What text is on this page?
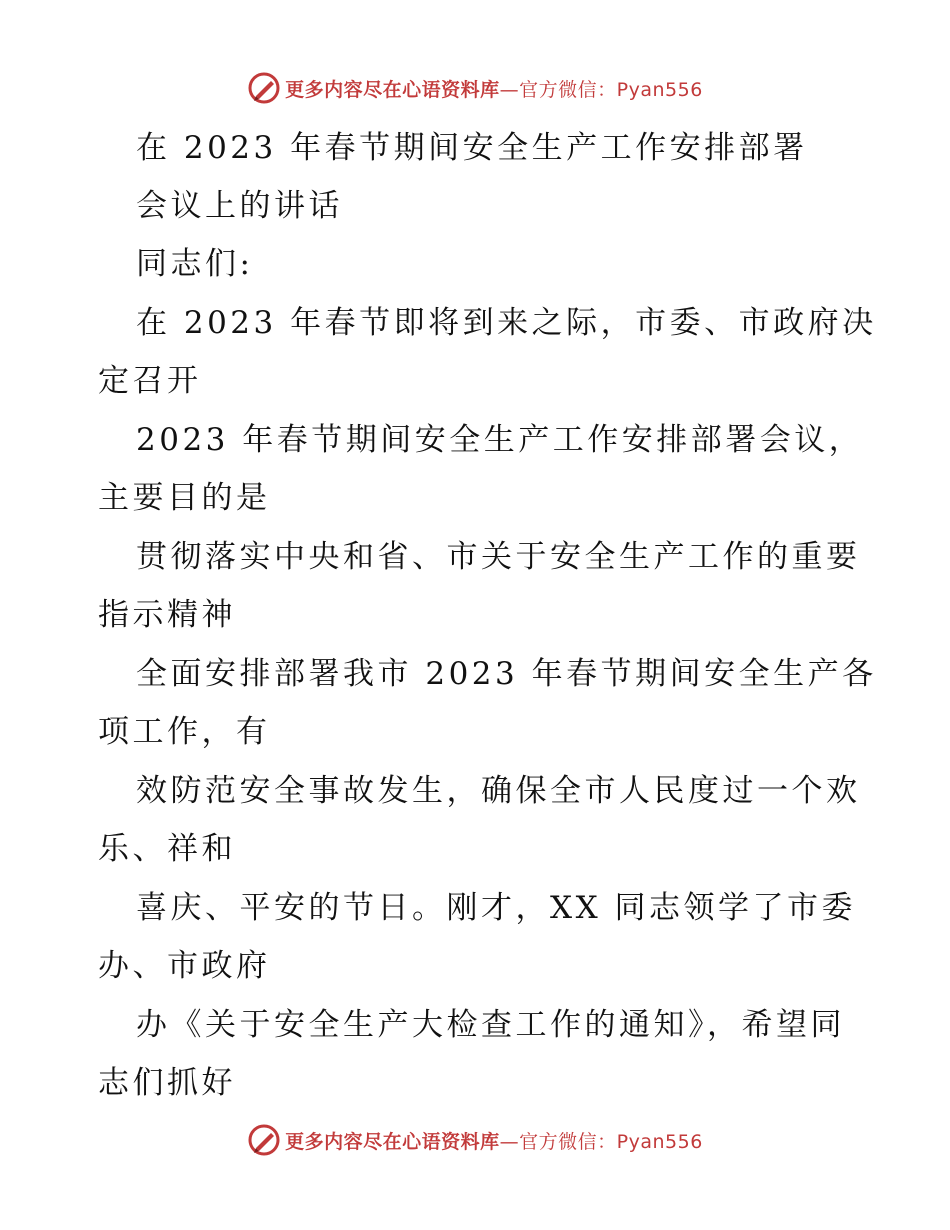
更多内容尽在心语资料库—官方微信：Pyan556
在 2023 年春节期间安全生产工作安排部署
会议上的讲话
同志们:
在 2023 年春节即将到来之际，市委、市政府决
定召开
2023 年春节期间安全生产工作安排部署会议，
主要目的是
贯彻落实中央和省、市关于安全生产工作的重要
指示精神
全面安排部署我市 2023 年春节期间安全生产各
项工作，有
效防范安全事故发生，确保全市人民度过一个欢
乐、祥和
喜庆、平安的节日。刚才，XX 同志领学了市委
办、市政府
办《关于安全生产大检查工作的通知》，希望同
志们抓好
更多内容尽在心语资料库—官方微信：Pyan556
